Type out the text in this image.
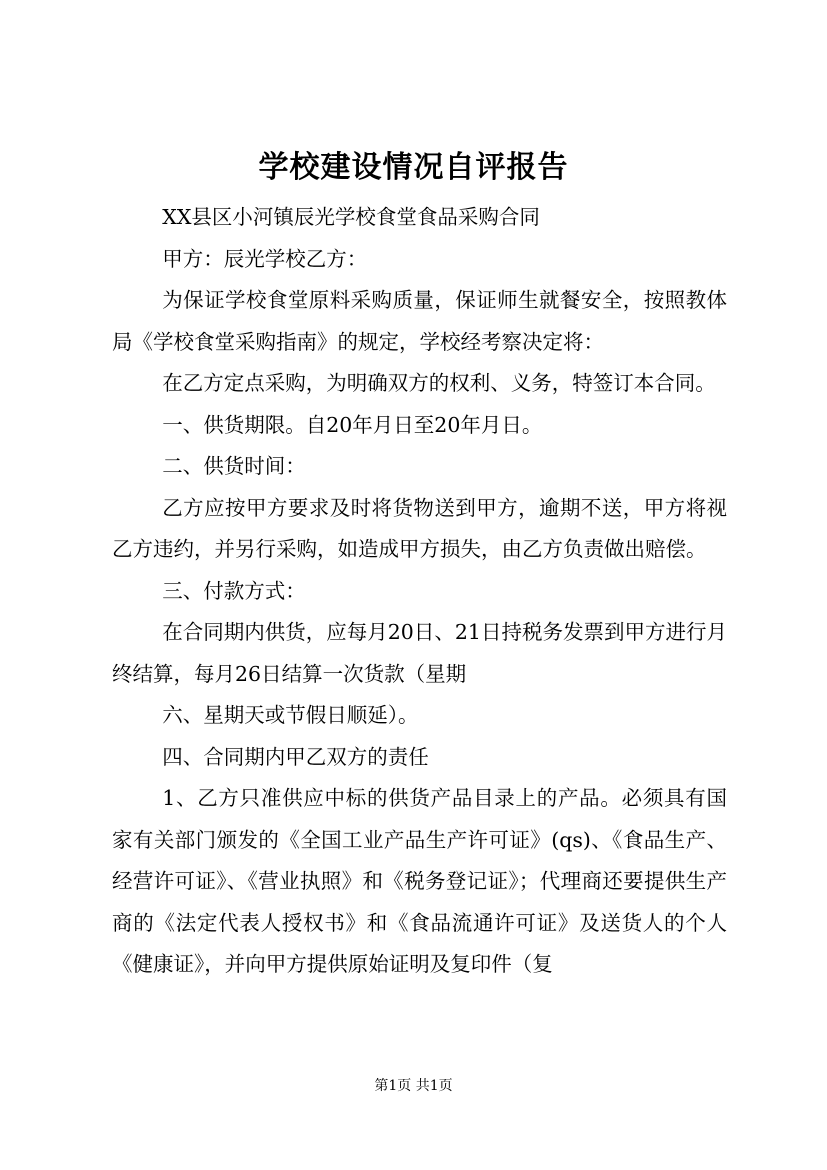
学校建设情况自评报告

XX县区小河镇辰光学校食堂食品采购合同

甲方：辰光学校乙方：

为保证学校食堂原料采购质量，保证师生就餐安全，按照教体局《学校食堂采购指南》的规定，学校经考察决定将：

在乙方定点采购，为明确双方的权利、义务，特签订本合同。

一、供货期限。自20年月日至20年月日。

二、供货时间：

乙方应按甲方要求及时将货物送到甲方，逾期不送，甲方将视乙方违约，并另行采购，如造成甲方损失，由乙方负责做出赔偿。

三、付款方式：

在合同期内供货，应每月20日、21日持税务发票到甲方进行月终结算，每月26日结算一次货款（星期

六、星期天或节假日顺延）。

四、合同期内甲乙双方的责任

1、乙方只准供应中标的供货产品目录上的产品。必须具有国家有关部门颁发的《全国工业产品生产许可证》(qs)、《食品生产、经营许可证》、《营业执照》和《税务登记证》；代理商还要提供生产商的《法定代表人授权书》和《食品流通许可证》及送货人的个人《健康证》，并向甲方提供原始证明及复印件（复

第1页 共1页
